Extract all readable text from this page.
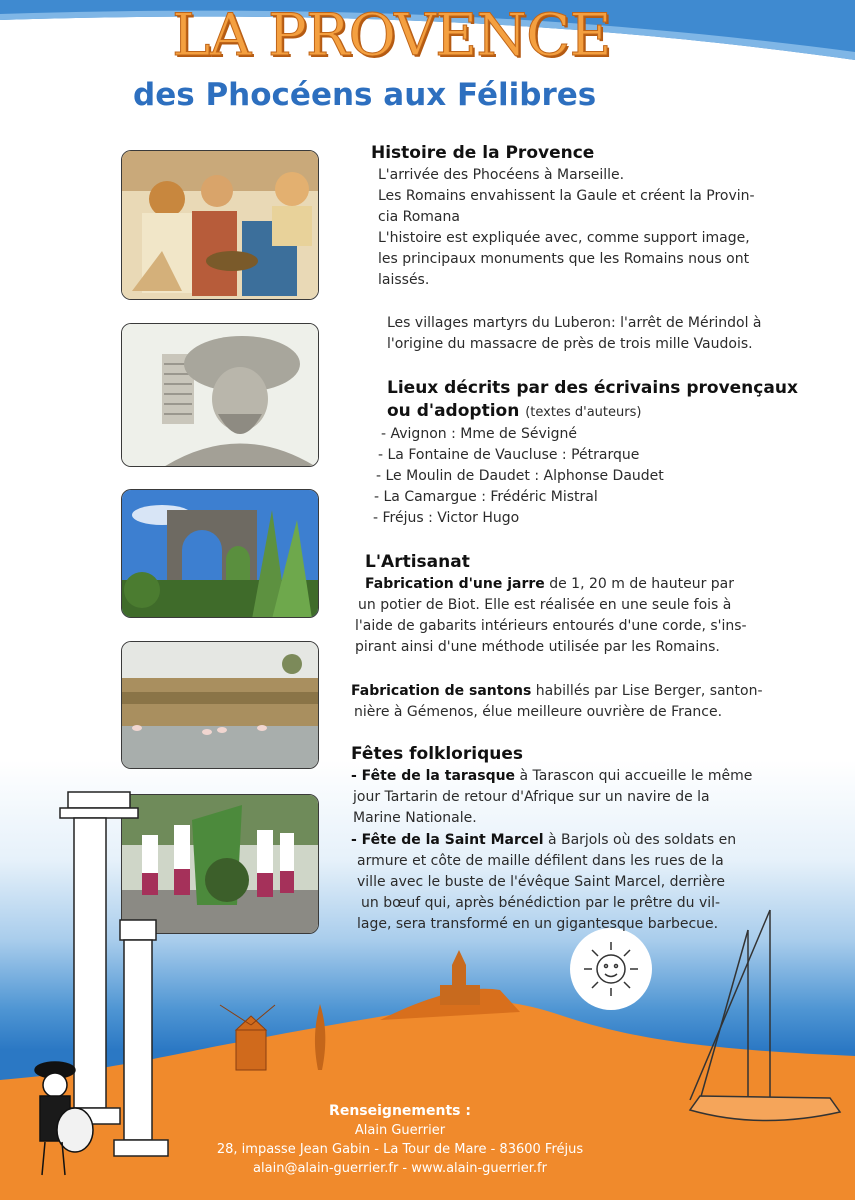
LA PROVENCE
des Phocéens aux Félibres
Histoire de la Provence
L'arrivée des Phocéens à Marseille.
Les Romains envahissent la Gaule et créent la Provin-
cia Romana
L'histoire est expliquée avec, comme support image,
les principaux monuments que les Romains nous ont
laissés.
Les villages martyrs du Luberon: l'arrêt de Mérindol à
l'origine du massacre de près de trois mille Vaudois.
Lieux décrits par des écrivains provençaux
ou d'adoption (textes d'auteurs)
- Avignon : Mme de Sévigné
- La Fontaine de Vaucluse : Pétrarque
- Le Moulin de Daudet : Alphonse Daudet
- La Camargue : Frédéric Mistral
- Fréjus : Victor Hugo
L'Artisanat
Fabrication d'une jarre de 1, 20 m de hauteur par
un potier de Biot. Elle est réalisée en une seule fois à
l'aide de gabarits intérieurs entourés d'une corde, s'ins-
pirant ainsi d'une méthode utilisée par les Romains.
Fabrication de santons habillés par Lise Berger, santon-
nière à Gémenos, élue meilleure ouvrière de France.
Fêtes folkloriques
- Fête de la tarasque à Tarascon qui accueille le même
jour Tartarin de retour d'Afrique sur un navire de la
Marine Nationale.
- Fête de la Saint Marcel à Barjols où des soldats en
armure et côte de maille défilent dans les rues de la
ville avec le buste de l'évêque Saint Marcel, derrière
un bœuf qui, après bénédiction par le prêtre du vil-
lage, sera transformé en un gigantesque barbecue.
Renseignements :
Alain Guerrier
28, impasse Jean Gabin - La Tour de Mare - 83600 Fréjus
alain@alain-guerrier.fr - www.alain-guerrier.fr
